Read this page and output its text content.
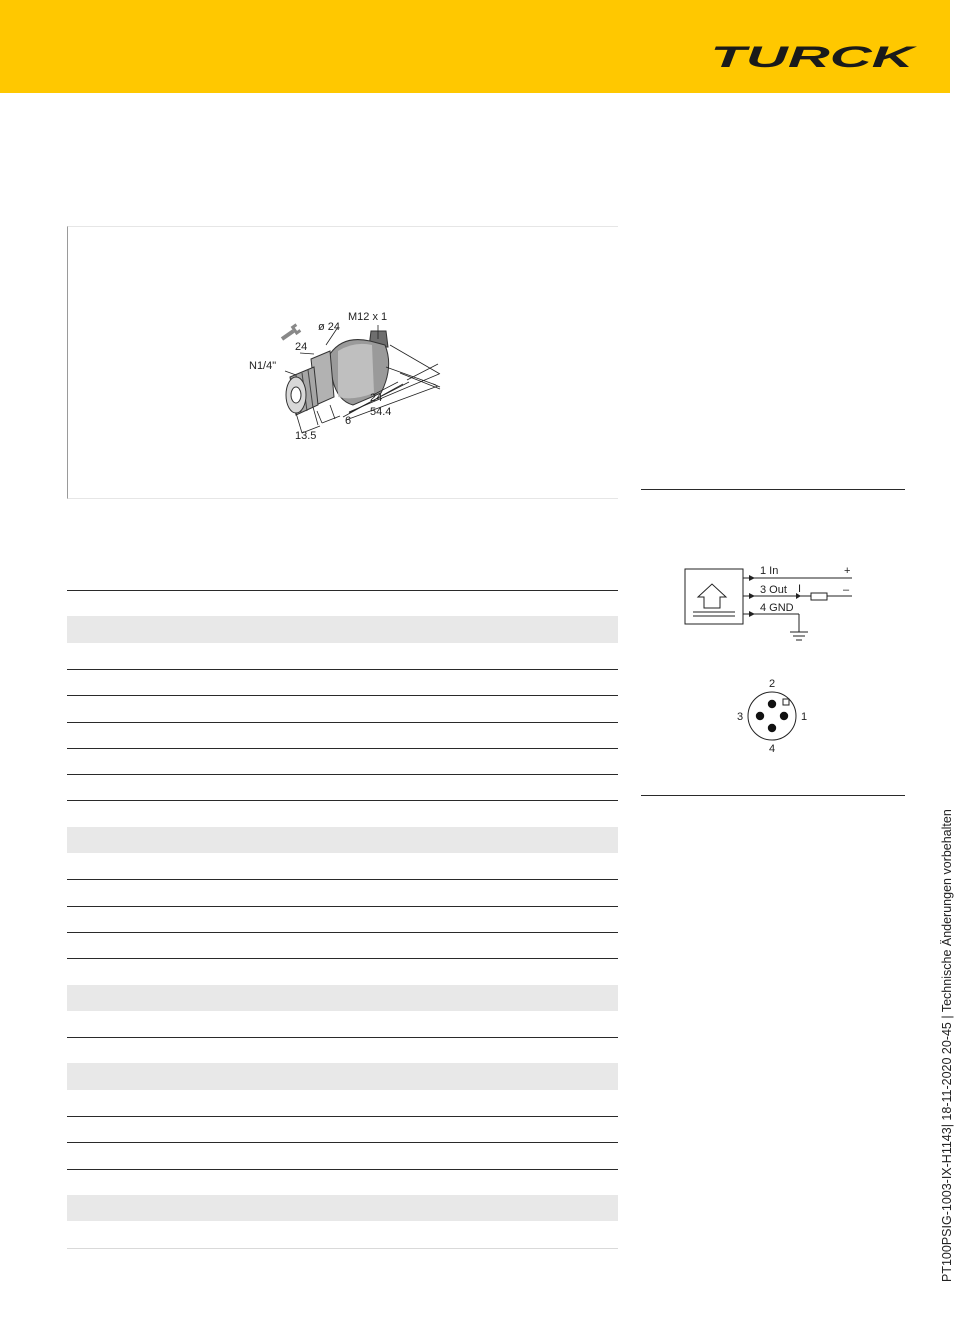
TURCK
M12 x 1
ø 24
24
N1/4"
24
54.4
6
13.5
1 In	+
3 Out I	–
4 GND
2
3	1
4
PT100PSIG-1003-IX-H1143| 18-11-2020 20-45 | Technische Änderungen vorbehalten
